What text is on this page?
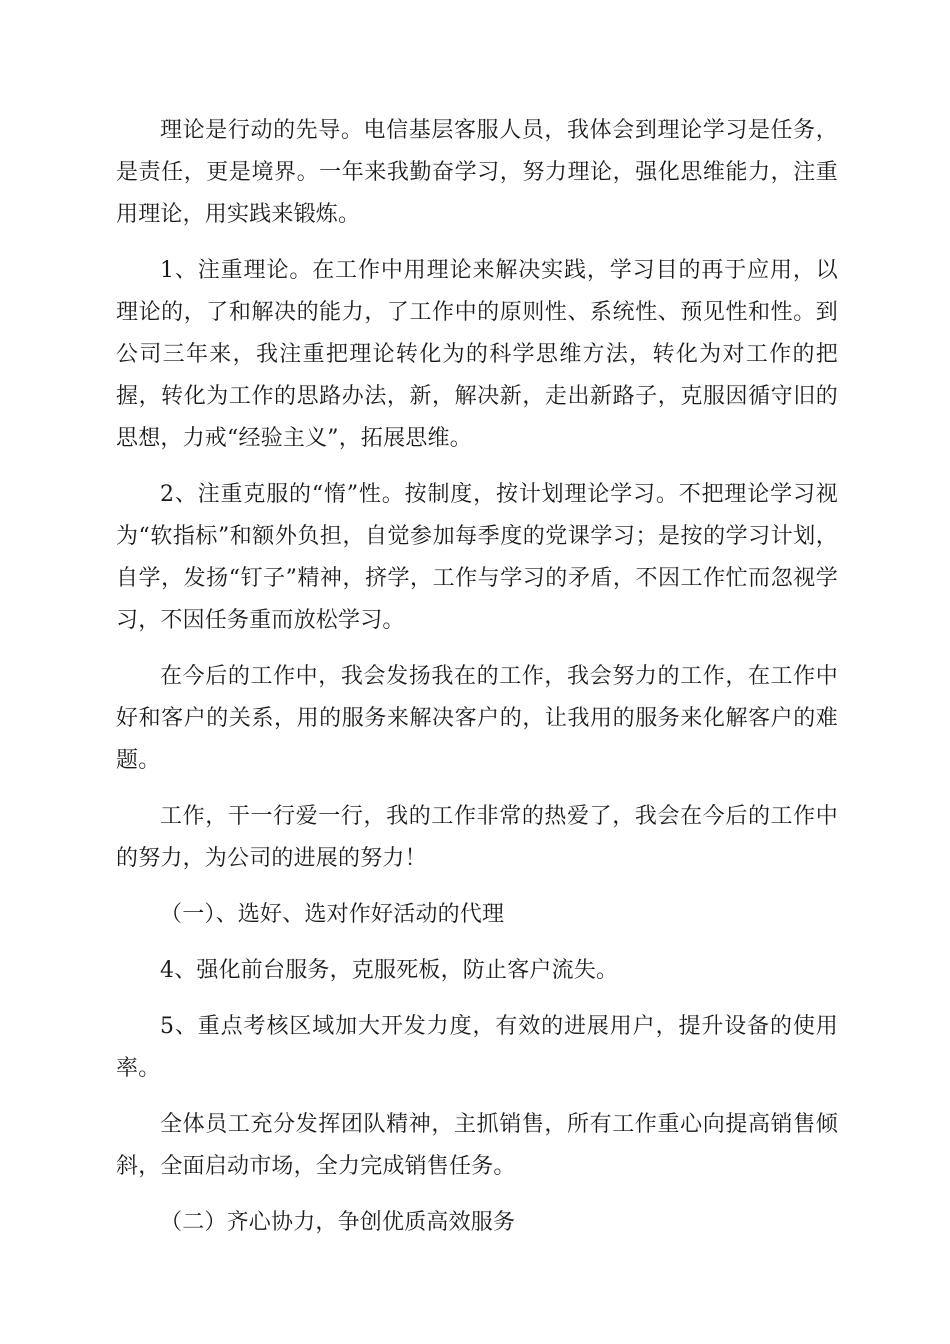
理论是行动的先导。电信基层客服人员，我体会到理论学习是任务，是责任，更是境界。一年来我勤奋学习，努力理论，强化思维能力，注重用理论，用实践来锻炼。

1、注重理论。在工作中用理论来解决实践，学习目的再于应用，以理论的，了和解决的能力，了工作中的原则性、系统性、预见性和性。到公司三年来，我注重把理论转化为的科学思维方法，转化为对工作的把握，转化为工作的思路办法，新，解决新，走出新路子，克服因循守旧的思想，力戒“经验主义”，拓展思维。

2、注重克服的“惰”性。按制度，按计划理论学习。不把理论学习视为“软指标”和额外负担，自觉参加每季度的党课学习；是按的学习计划，自学，发扬“钉子”精神，挤学，工作与学习的矛盾，不因工作忙而忽视学习，不因任务重而放松学习。

在今后的工作中，我会发扬我在的工作，我会努力的工作，在工作中好和客户的关系，用的服务来解决客户的，让我用的服务来化解客户的难题。

工作，干一行爱一行，我的工作非常的热爱了，我会在今后的工作中的努力，为公司的进展的努力！

（一）、选好、选对作好活动的代理

4、强化前台服务，克服死板，防止客户流失。

5、重点考核区域加大开发力度，有效的进展用户，提升设备的使用率。

全体员工充分发挥团队精神，主抓销售，所有工作重心向提高销售倾斜，全面启动市场，全力完成销售任务。

（二）齐心协力，争创优质高效服务
